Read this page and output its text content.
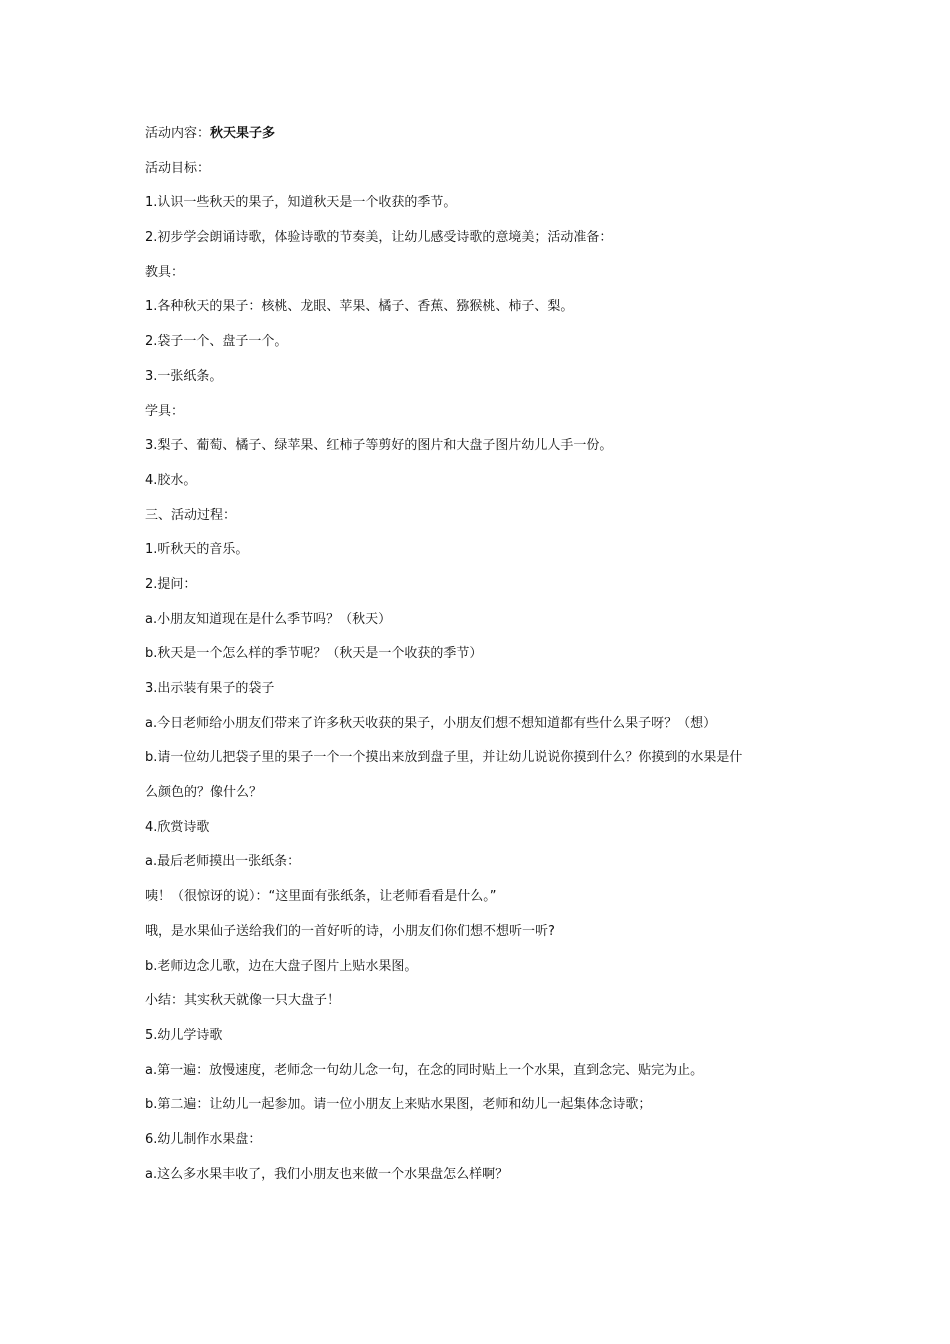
活动内容：秋天果子多
活动目标：
1.认识一些秋天的果子，知道秋天是一个收获的季节。
2.初步学会朗诵诗歌，体验诗歌的节奏美，让幼儿感受诗歌的意境美；活动准备：
教具：
1.各种秋天的果子：核桃、龙眼、苹果、橘子、香蕉、猕猴桃、柿子、梨。
2.袋子一个、盘子一个。
3.一张纸条。
学具：
3.梨子、葡萄、橘子、绿苹果、红柿子等剪好的图片和大盘子图片幼儿人手一份。
4.胶水。
三、活动过程：
1.听秋天的音乐。
2.提问：
a.小朋友知道现在是什么季节吗？（秋天）
b.秋天是一个怎么样的季节呢？（秋天是一个收获的季节）
3.出示装有果子的袋子
a.今日老师给小朋友们带来了许多秋天收获的果子，小朋友们想不想知道都有些什么果子呀？（想）
b.请一位幼儿把袋子里的果子一个一个摸出来放到盘子里，并让幼儿说说你摸到什么？你摸到的水果是什
么颜色的？像什么？
4.欣赏诗歌
a.最后老师摸出一张纸条：
咦！（很惊讶的说）：“这里面有张纸条，让老师看看是什么。”
哦，是水果仙子送给我们的一首好听的诗，小朋友们你们想不想听一听?
b.老师边念儿歌，边在大盘子图片上贴水果图。
小结：其实秋天就像一只大盘子！
5.幼儿学诗歌
a.第一遍：放慢速度，老师念一句幼儿念一句，在念的同时贴上一个水果，直到念完、贴完为止。
b.第二遍：让幼儿一起参加。请一位小朋友上来贴水果图，老师和幼儿一起集体念诗歌；
6.幼儿制作水果盘：
a.这么多水果丰收了，我们小朋友也来做一个水果盘怎么样啊？
